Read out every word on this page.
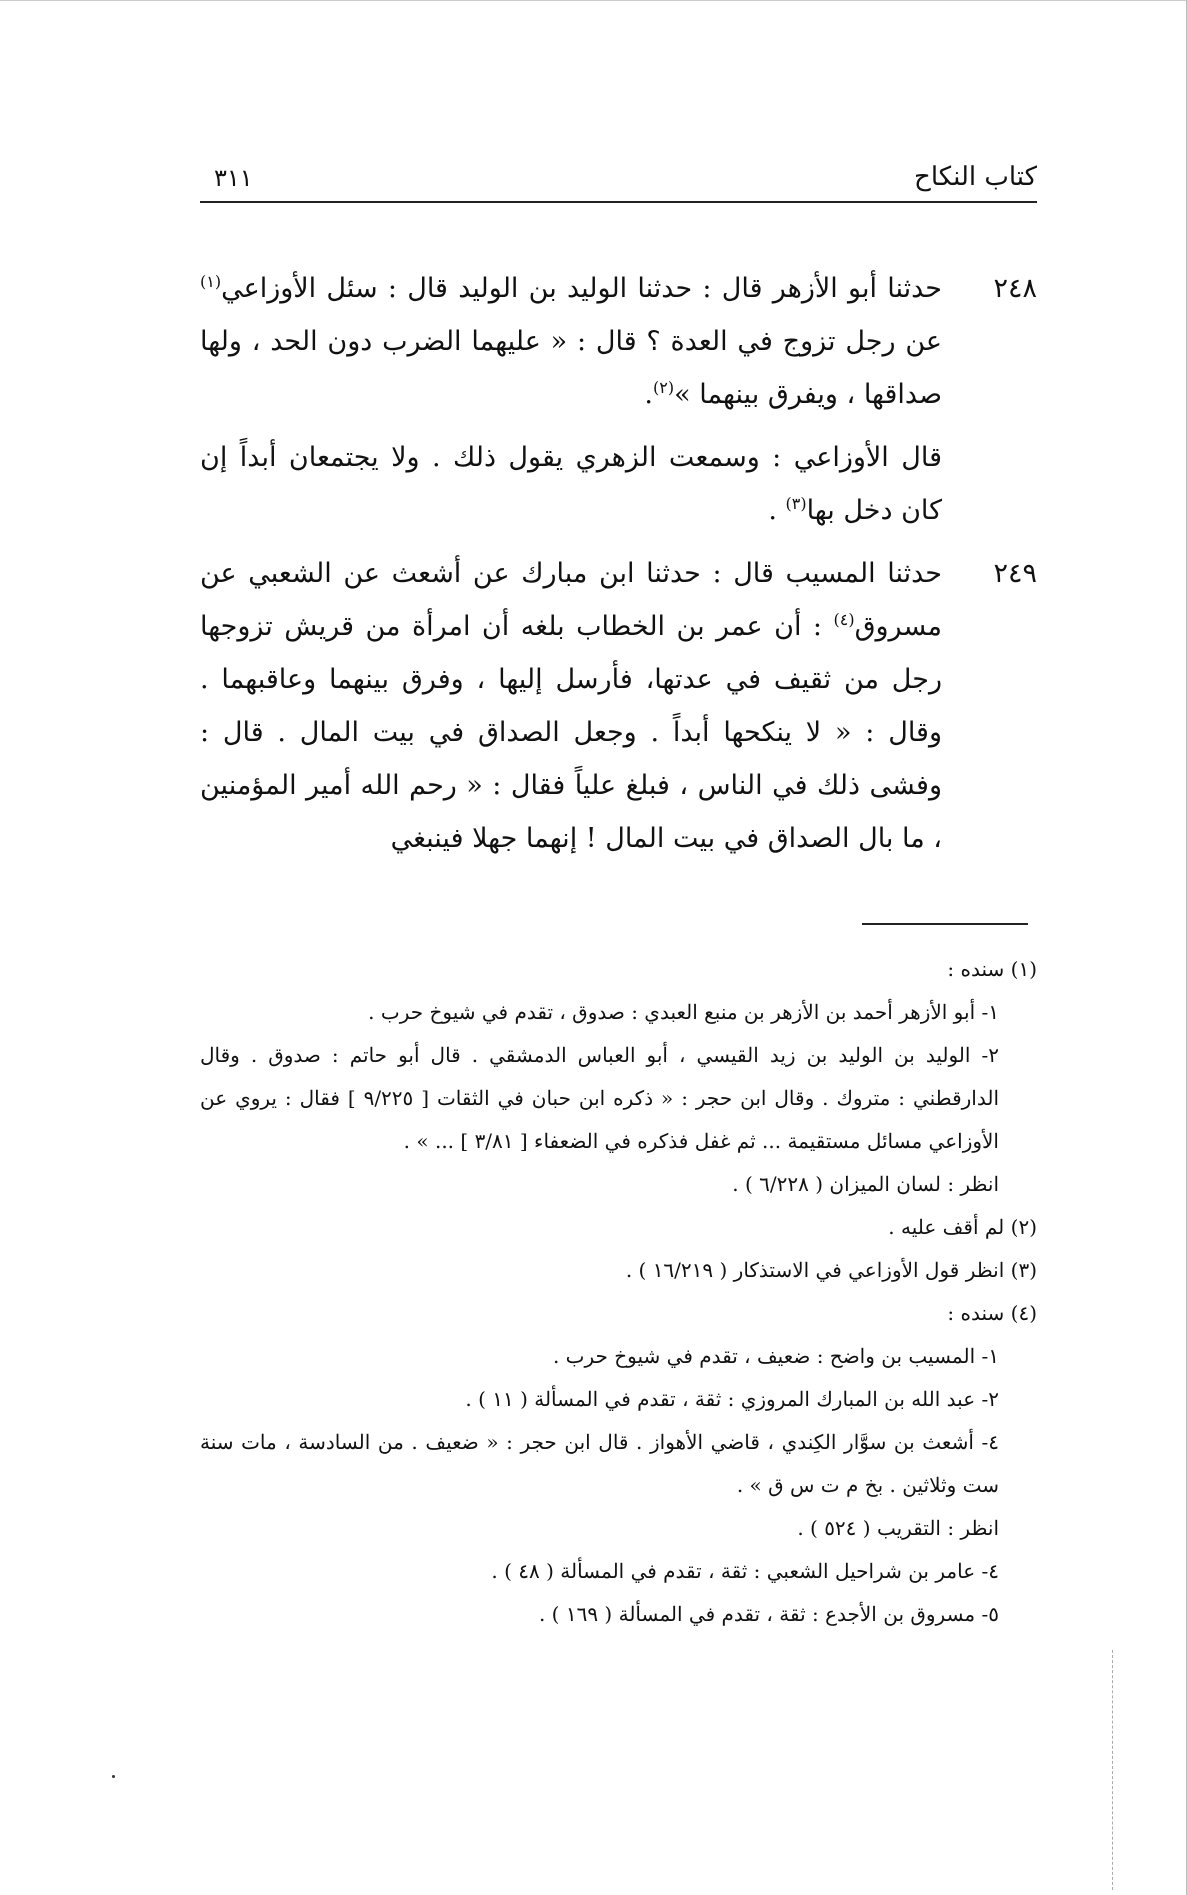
كتاب النكاح
٣١١
٢٤٨
حدثنا أبو الأزهر قال : حدثنا الوليد بن الوليد قال : سئل الأوزاعي$^{(١)}$ عن رجل تزوج في العدة ؟ قال : « عليهما الضرب دون الحد ، ولها صداقها ، ويفرق بينهما »$^{(٢)}$.

قال الأوزاعي : وسمعت الزهري يقول ذلك . ولا يجتمعان أبداً إن كان دخل بها$^{(٣)}$ .

٢٤٩
حدثنا المسيب قال : حدثنا ابن مبارك عن أشعث عن الشعبي عن مسروق$^{(٤)}$ : أن عمر بن الخطاب بلغه أن امرأة من قريش تزوجها رجل من ثقيف في عدتها، فأرسل إليها ، وفرق بينهما وعاقبهما . وقال : « لا ينكحها أبداً . وجعل الصداق في بيت المال . قال : وفشى ذلك في الناس ، فبلغ علياً فقال : « رحم الله أمير المؤمنين ، ما بال الصداق في بيت المال ! إنهما جهلا فينبغي

(١) سنده :

١- أبو الأزهر أحمد بن الأزهر بن منبع العبدي : صدوق ، تقدم في شيوخ حرب .

٢- الوليد بن الوليد بن زيد القيسي ، أبو العباس الدمشقي . قال أبو حاتم : صدوق . وقال الدارقطني : متروك . وقال ابن حجر : « ذكره ابن حبان في الثقات [ ٩/٢٢٥ ] فقال : يروي عن الأوزاعي مسائل مستقيمة ... ثم غفل فذكره في الضعفاء [ ٣/٨١ ] ... » .

انظر : لسان الميزان ( ٦/٢٢٨ ) .

(٢) لم أقف عليه .

(٣) انظر قول الأوزاعي في الاستذكار ( ١٦/٢١٩ ) .

(٤) سنده :

١- المسيب بن واضح : ضعيف ، تقدم في شيوخ حرب .

٢- عبد الله بن المبارك المروزي : ثقة ، تقدم في المسألة ( ١١ ) .

٤- أشعث بن سوَّار الكِندي ، قاضي الأهواز . قال ابن حجر : « ضعيف . من السادسة ، مات سنة ست وثلاثين . بخ م ت س ق » .

انظر : التقريب ( ٥٢٤ ) .

٤- عامر بن شراحيل الشعبي : ثقة ، تقدم في المسألة ( ٤٨ ) .

٥- مسروق بن الأجدع : ثقة ، تقدم في المسألة ( ١٦٩ ) .
